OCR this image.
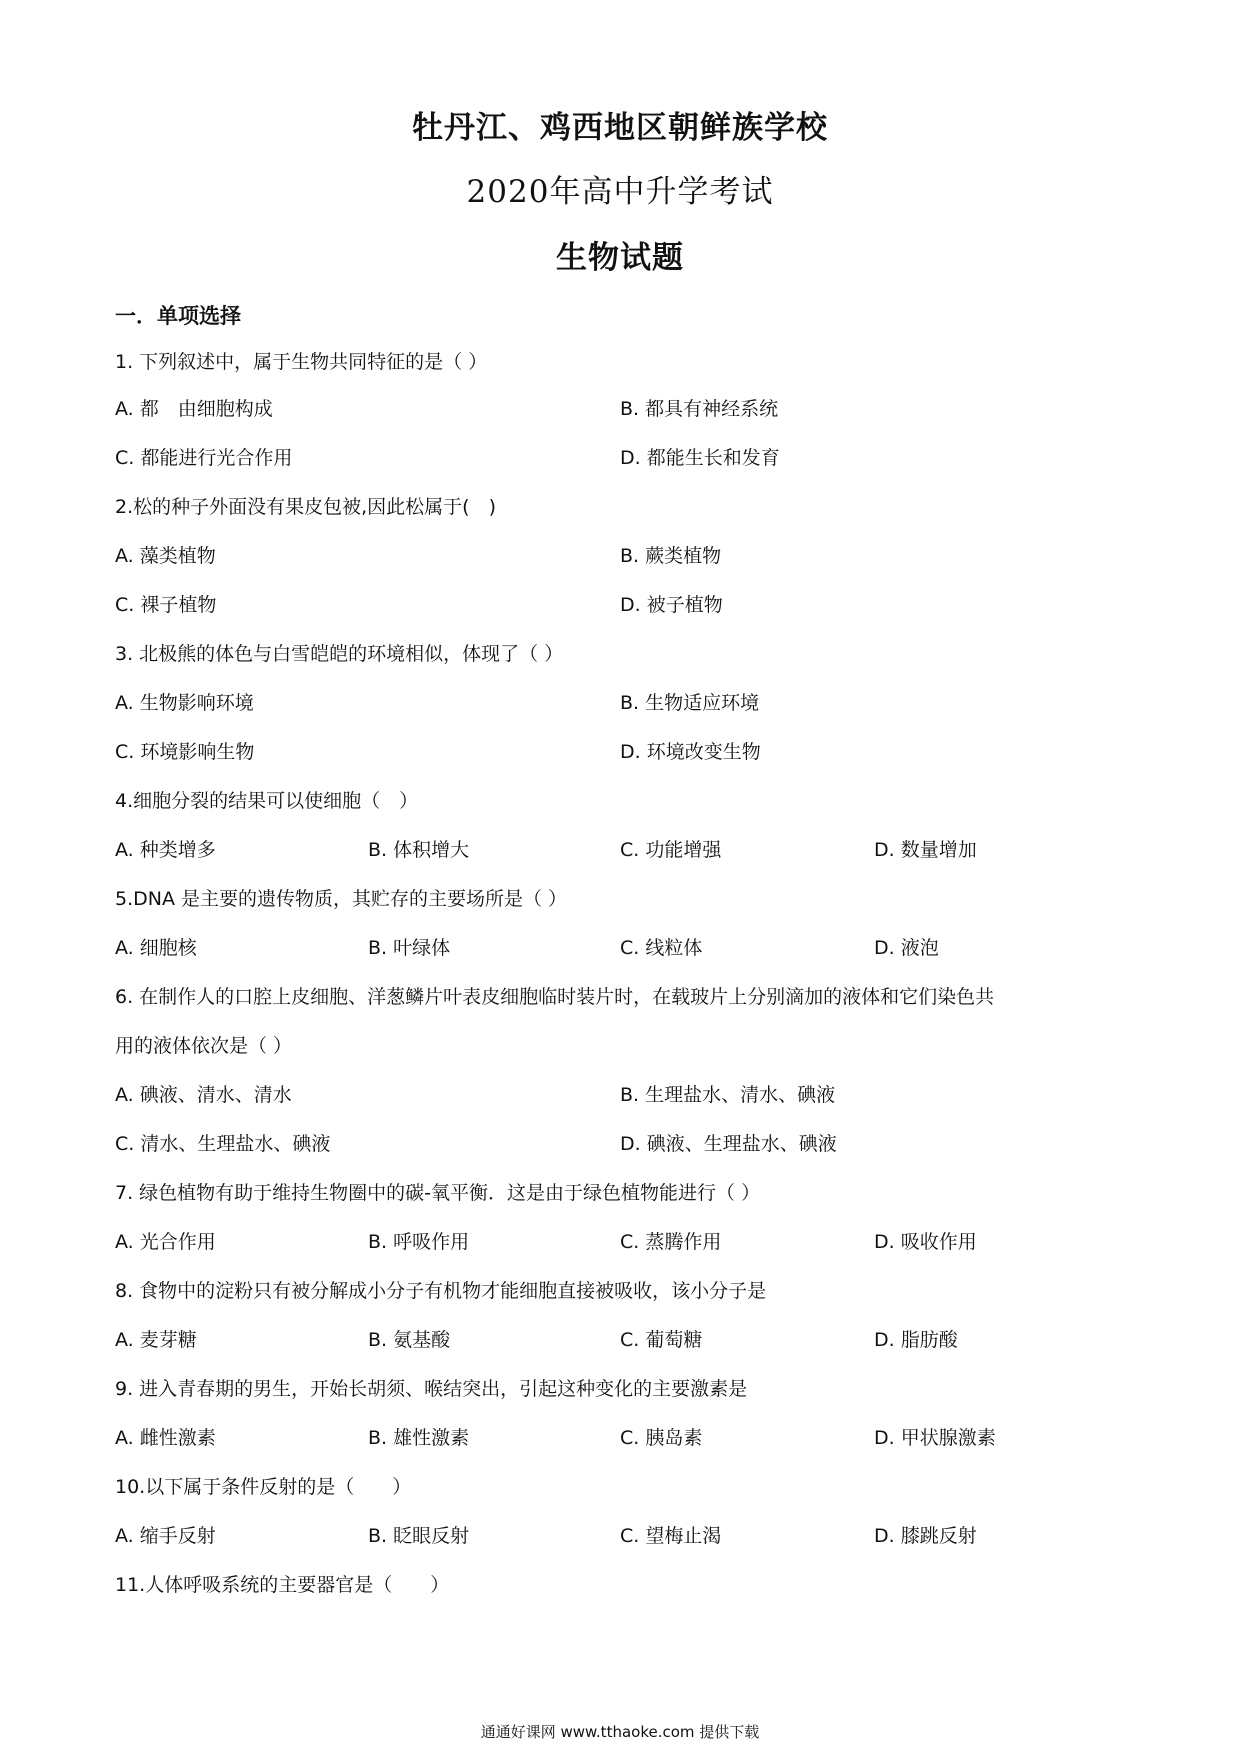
牡丹江、鸡西地区朝鲜族学校
2020年高中升学考试
生物试题
一．单项选择
1. 下列叙述中，属于生物共同特征的是（ ）
A. 都　由细胞构成	B. 都具有神经系统
C. 都能进行光合作用	D. 都能生长和发育
2.松的种子外面没有果皮包被,因此松属于(　)
A. 藻类植物	B. 蕨类植物
C. 裸子植物	D. 被子植物
3. 北极熊的体色与白雪皑皑的环境相似，体现了（ ）
A. 生物影响环境	B. 生物适应环境
C. 环境影响生物	D. 环境改变生物
4.细胞分裂的结果可以使细胞（　）
A. 种类增多	B. 体积增大	C. 功能增强	D. 数量增加
5.DNA 是主要的遗传物质，其贮存的主要场所是（ ）
A. 细胞核	B. 叶绿体	C. 线粒体	D. 液泡
6. 在制作人的口腔上皮细胞、洋葱鳞片叶表皮细胞临时装片时，在载玻片上分别滴加的液体和它们染色共
用的液体依次是（ ）
A. 碘液、清水、清水	B. 生理盐水、清水、碘液
C. 清水、生理盐水、碘液	D. 碘液、生理盐水、碘液
7. 绿色植物有助于维持生物圈中的碳-氧平衡．这是由于绿色植物能进行（ ）
A. 光合作用	B. 呼吸作用	C. 蒸腾作用	D. 吸收作用
8. 食物中的淀粉只有被分解成小分子有机物才能细胞直接被吸收，该小分子是
A. 麦芽糖	B. 氨基酸	C. 葡萄糖	D. 脂肪酸
9. 进入青春期的男生，开始长胡须、喉结突出，引起这种变化的主要激素是
A. 雌性激素	B. 雄性激素	C. 胰岛素	D. 甲状腺激素
10.以下属于条件反射的是（　　）
A. 缩手反射	B. 眨眼反射	C. 望梅止渴	D. 膝跳反射
11.人体呼吸系统的主要器官是（　　）
通通好课网 www.tthaoke.com 提供下载
